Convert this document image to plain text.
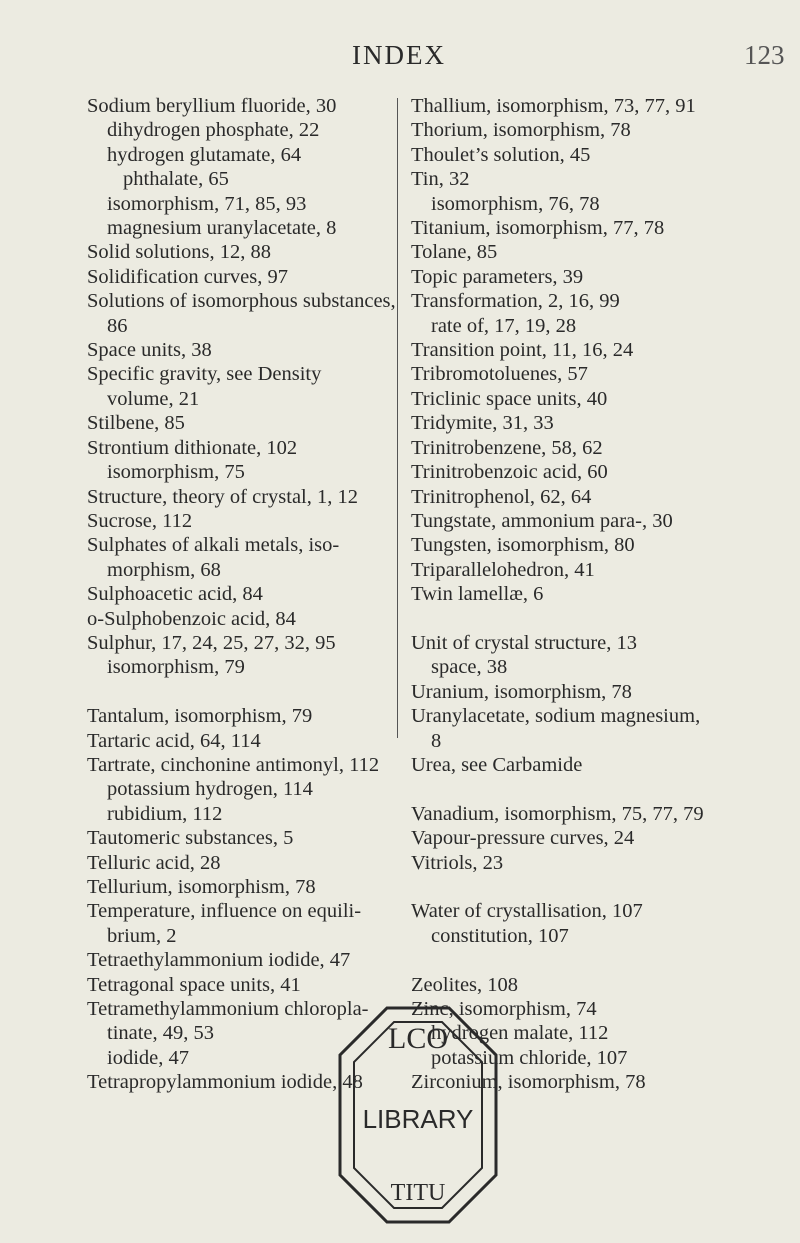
INDEX	123
Sodium beryllium fluoride, 30
dihydrogen phosphate, 22
hydrogen glutamate, 64
phthalate, 65
isomorphism, 71, 85, 93
magnesium uranylacetate, 8
Solid solutions, 12, 88
Solidification curves, 97
Solutions of isomorphous substances,
86
Space units, 38
Specific gravity, see Density
volume, 21
Stilbene, 85
Strontium dithionate, 102
isomorphism, 75
Structure, theory of crystal, 1, 12
Sucrose, 112
Sulphates of alkali metals, iso-
morphism, 68
Sulphoacetic acid, 84
o-Sulphobenzoic acid, 84
Sulphur, 17, 24, 25, 27, 32, 95
isomorphism, 79
Tantalum, isomorphism, 79
Tartaric acid, 64, 114
Tartrate, cinchonine antimonyl, 112
potassium hydrogen, 114
rubidium, 112
Tautomeric substances, 5
Telluric acid, 28
Tellurium, isomorphism, 78
Temperature, influence on equili-
brium, 2
Tetraethylammonium iodide, 47
Tetragonal space units, 41
Tetramethylammonium chloropla-
tinate, 49, 53
iodide, 47
Tetrapropylammonium iodide, 48
Thallium, isomorphism, 73, 77, 91
Thorium, isomorphism, 78
Thoulet’s solution, 45
Tin, 32
isomorphism, 76, 78
Titanium, isomorphism, 77, 78
Tolane, 85
Topic parameters, 39
Transformation, 2, 16, 99
rate of, 17, 19, 28
Transition point, 11, 16, 24
Tribromotoluenes, 57
Triclinic space units, 40
Tridymite, 31, 33
Trinitrobenzene, 58, 62
Trinitrobenzoic acid, 60
Trinitrophenol, 62, 64
Tungstate, ammonium para-, 30
Tungsten, isomorphism, 80
Triparallelohedron, 41
Twin lamellæ, 6
Unit of crystal structure, 13
space, 38
Uranium, isomorphism, 78
Uranylacetate, sodium magnesium,
8
Urea, see Carbamide
Vanadium, isomorphism, 75, 77, 79
Vapour-pressure curves, 24
Vitriols, 23
Water of crystallisation, 107
constitution, 107
Zeolites, 108
Zinc, isomorphism, 74
hydrogen malate, 112
potassium chloride, 107
Zirconium, isomorphism, 78
LCO
LIBRARY
TITU
